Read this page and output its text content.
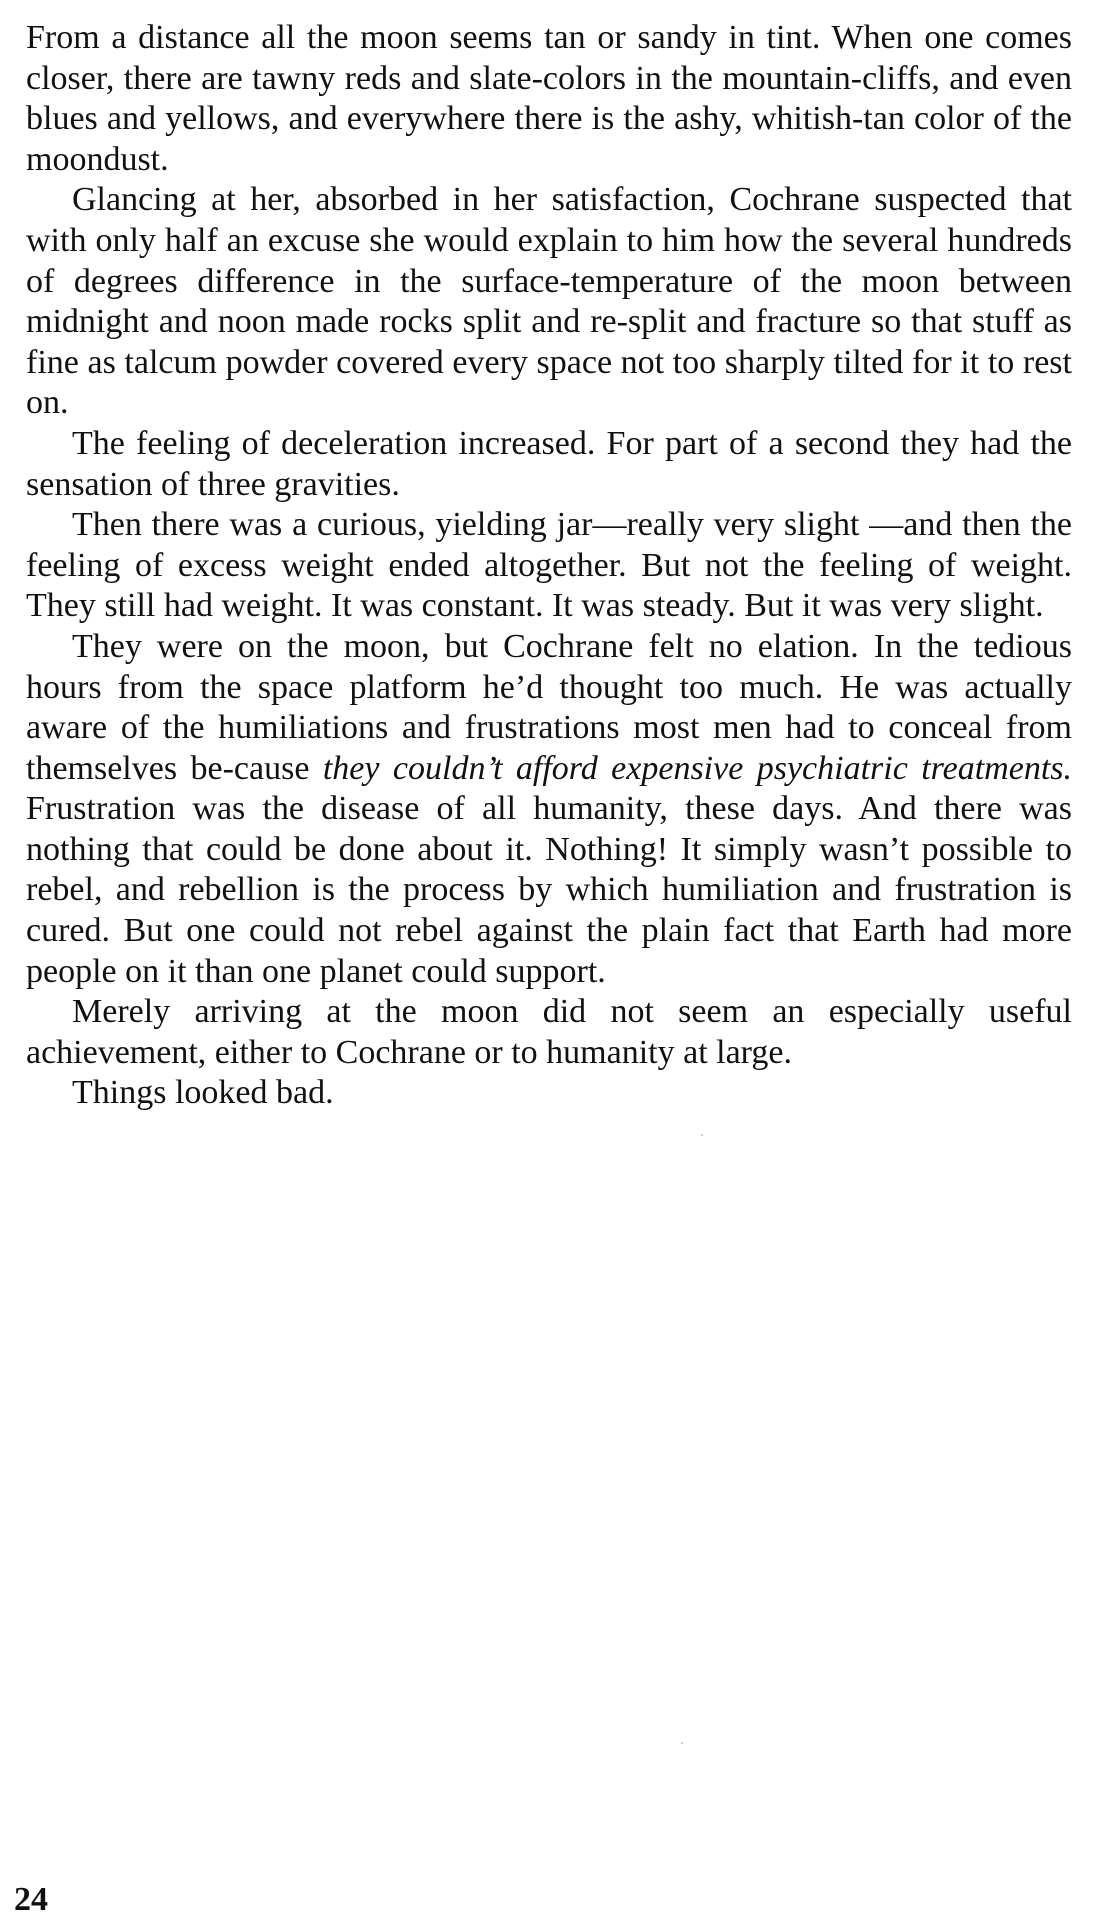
From a distance all the moon seems tan or sandy in tint. When one comes closer, there are tawny reds and slate-colors in the mountain-cliffs, and even blues and yellows, and everywhere there is the ashy, whitish-tan color of the moondust.

Glancing at her, absorbed in her satisfaction, Cochrane suspected that with only half an excuse she would explain to him how the several hundreds of degrees difference in the surface-temperature of the moon between midnight and noon made rocks split and re-split and fracture so that stuff as fine as talcum powder covered every space not too sharply tilted for it to rest on.

The feeling of deceleration increased. For part of a second they had the sensation of three gravities.

Then there was a curious, yielding jar—really very slight —and then the feeling of excess weight ended altogether. But not the feeling of weight. They still had weight. It was constant. It was steady. But it was very slight.

They were on the moon, but Cochrane felt no elation. In the tedious hours from the space platform he’d thought too much. He was actually aware of the humiliations and frustrations most men had to conceal from themselves be-cause they couldn’t afford expensive psychiatric treatments. Frustration was the disease of all humanity, these days. And there was nothing that could be done about it. Nothing! It simply wasn’t possible to rebel, and rebellion is the process by which humiliation and frustration is cured. But one could not rebel against the plain fact that Earth had more people on it than one planet could support.

Merely arriving at the moon did not seem an especially useful achievement, either to Cochrane or to humanity at large.

Things looked bad.

24
